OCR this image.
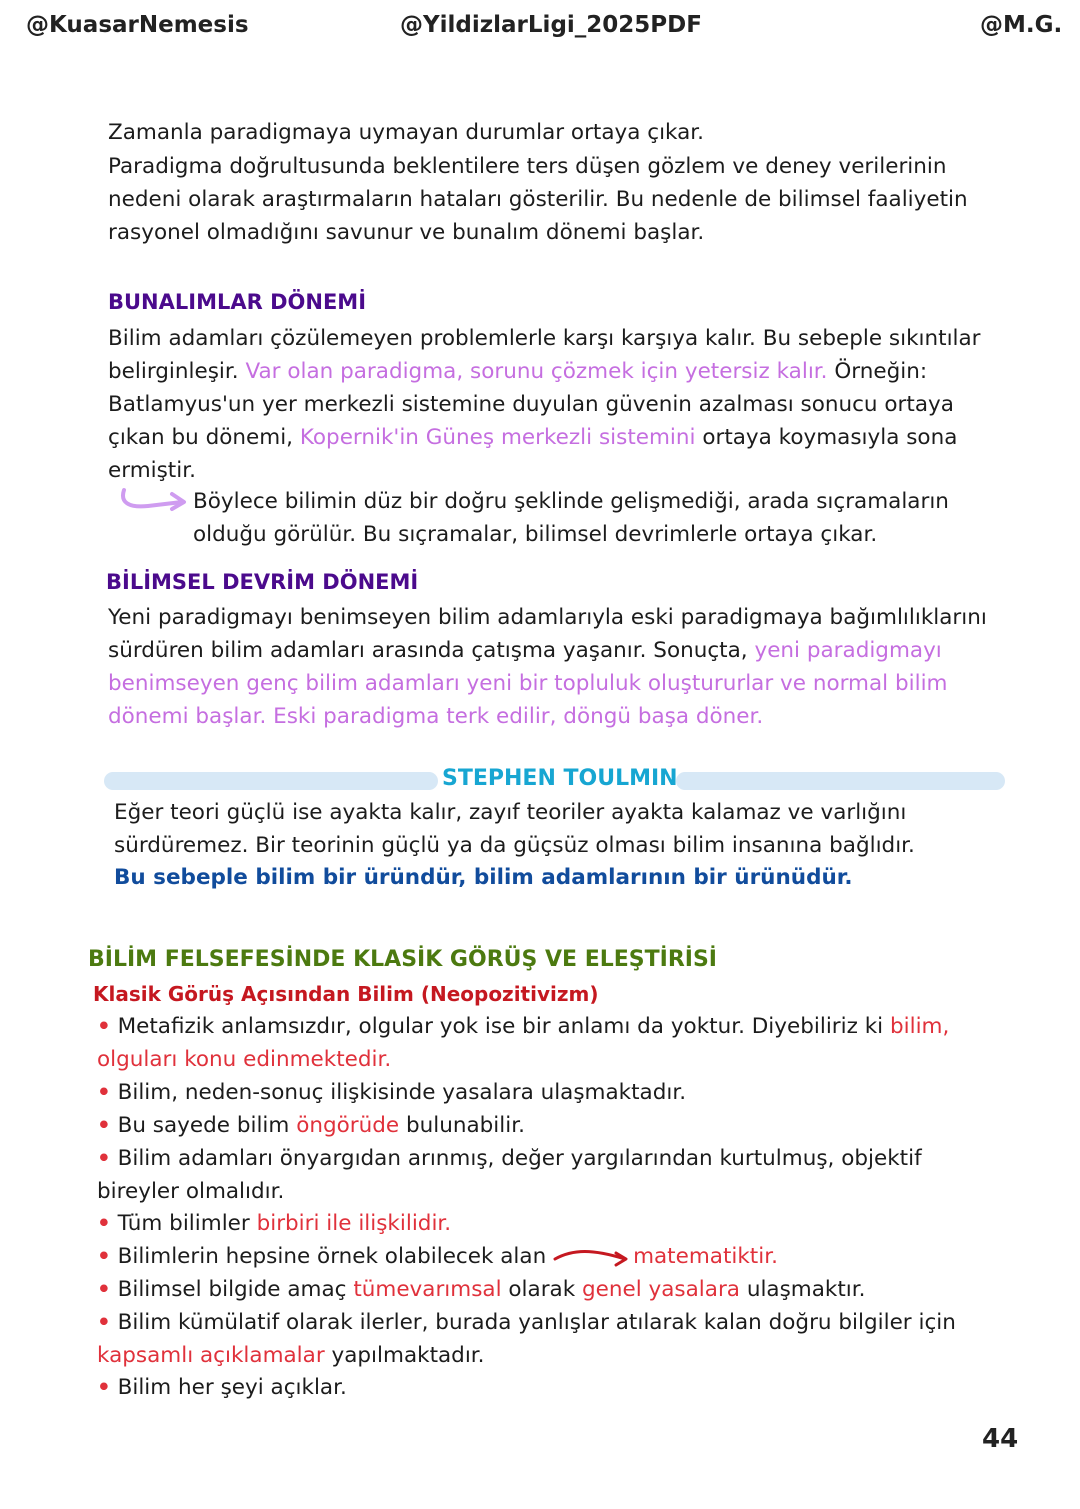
@KuasarNemesis	@YildizlarLigi_2025PDF	@M.G.

Zamanla paradigmaya uymayan durumlar ortaya çıkar.

Paradigma doğrultusunda beklentilere ters düşen gözlem ve deney verilerinin nedeni olarak araştırmaların hataları gösterilir. Bu nedenle de bilimsel faaliyetin rasyonel olmadığını savunur ve bunalım dönemi başlar.

BUNALIMLAR DÖNEMİ

Bilim adamları çözülemeyen problemlerle karşı karşıya kalır. Bu sebeple sıkıntılar belirginleşir. Var olan paradigma, sorunu çözmek için yetersiz kalır. Örneğin: Batlamyus'un yer merkezli sistemine duyulan güvenin azalması sonucu ortaya çıkan bu dönemi, Kopernik'in Güneş merkezli sistemini ortaya koymasıyla sona ermiştir.

Böylece bilimin düz bir doğru şeklinde gelişmediği, arada sıçramaların olduğu görülür. Bu sıçramalar, bilimsel devrimlerle ortaya çıkar.

BİLİMSEL DEVRİM DÖNEMİ

Yeni paradigmayı benimseyen bilim adamlarıyla eski paradigmaya bağımlılıklarını sürdüren bilim adamları arasında çatışma yaşanır. Sonuçta, yeni paradigmayı benimseyen genç bilim adamları yeni bir topluluk oluştururlar ve normal bilim dönemi başlar. Eski paradigma terk edilir, döngü başa döner.

STEPHEN TOULMIN

Eğer teori güçlü ise ayakta kalır, zayıf teoriler ayakta kalamaz ve varlığını sürdüremez. Bir teorinin güçlü ya da güçsüz olması bilim insanına bağlıdır.

Bu sebeple bilim bir üründür, bilim adamlarının bir ürünüdür.

BİLİM FELSEFESİNDE KLASİK GÖRÜŞ VE ELEŞTİRİSİ

Klasik Görüş Açısından Bilim (Neopozitivizm)

• Metafizik anlamsızdır, olgular yok ise bir anlamı da yoktur. Diyebiliriz ki bilim, olguları konu edinmektedir.

• Bilim, neden-sonuç ilişkisinde yasalara ulaşmaktadır.

• Bu sayede bilim öngörüde bulunabilir.

• Bilim adamları önyargıdan arınmış, değer yargılarından kurtulmuş, objektif bireyler olmalıdır.

• Tüm bilimler birbiri ile ilişkilidir.

• Bilimlerin hepsine örnek olabilecek alan	matematiktir.

• Bilimsel bilgide amaç tümevarımsal olarak genel yasalara ulaşmaktır.

• Bilim kümülatif olarak ilerler, burada yanlışlar atılarak kalan doğru bilgiler için kapsamlı açıklamalar yapılmaktadır.

• Bilim her şeyi açıklar.

44
